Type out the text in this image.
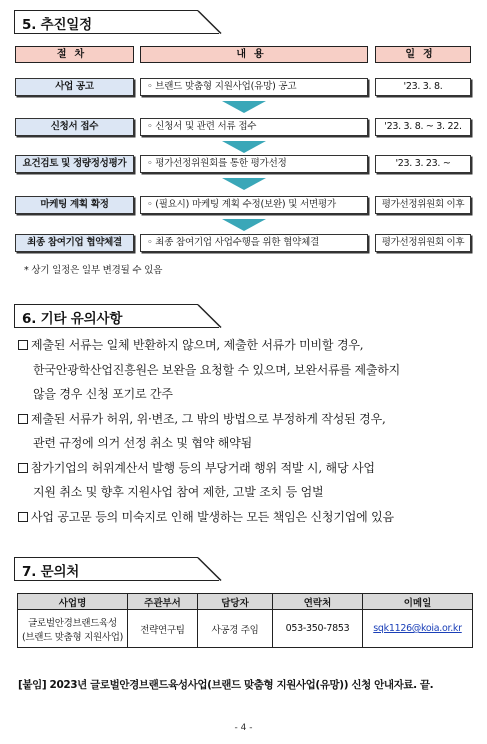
5. 추진일정
절차	내용	일정
사업 공고	◦ 브랜드 맞춤형 지원사업(유망) 공고	'23. 3. 8.
신청서 접수	◦ 신청서 및 관련 서류 접수	'23. 3. 8. ~ 3. 22.
요건검토 및 정량정성평가	◦ 평가선정위원회를 통한 평가선정	'23. 3. 23. ~
마케팅 계획 확정	◦ (필요시) 마케팅 계획 수정(보완) 및 서면평가	평가선정위원회 이후
최종 참여기업 협약체결	◦ 최종 참여기업 사업수행을 위한 협약체결	평가선정위원회 이후
* 상기 일정은 일부 변경될 수 있음
6. 기타 유의사항
제출된 서류는 일체 반환하지 않으며, 제출한 서류가 미비할 경우,
한국안광학산업진흥원은 보완을 요청할 수 있으며, 보완서류를 제출하지
않을 경우 신청 포기로 간주
제출된 서류가 허위, 위·변조, 그 밖의 방법으로 부정하게 작성된 경우,
관련 규정에 의거 선정 취소 및 협약 해약됨
참가기업의 허위계산서 발행 등의 부당거래 행위 적발 시, 해당 사업
지원 취소 및 향후 지원사업 참여 제한, 고발 조치 등 엄벌
사업 공고문 등의 미숙지로 인해 발생하는 모든 책임은 신청기업에 있음
7. 문의처
사업명	주관부서	담당자	연락처	이메일

글로벌안경브랜드육성
(브랜드 맞춤형 지원사업)	전략연구팀	사공경 주임	053-350-7853	sqk1126@koia.or.kr
[붙임] 2023년 글로벌안경브랜드육성사업(브랜드 맞춤형 지원사업(유망)) 신청 안내자료. 끝.
- 4 -
